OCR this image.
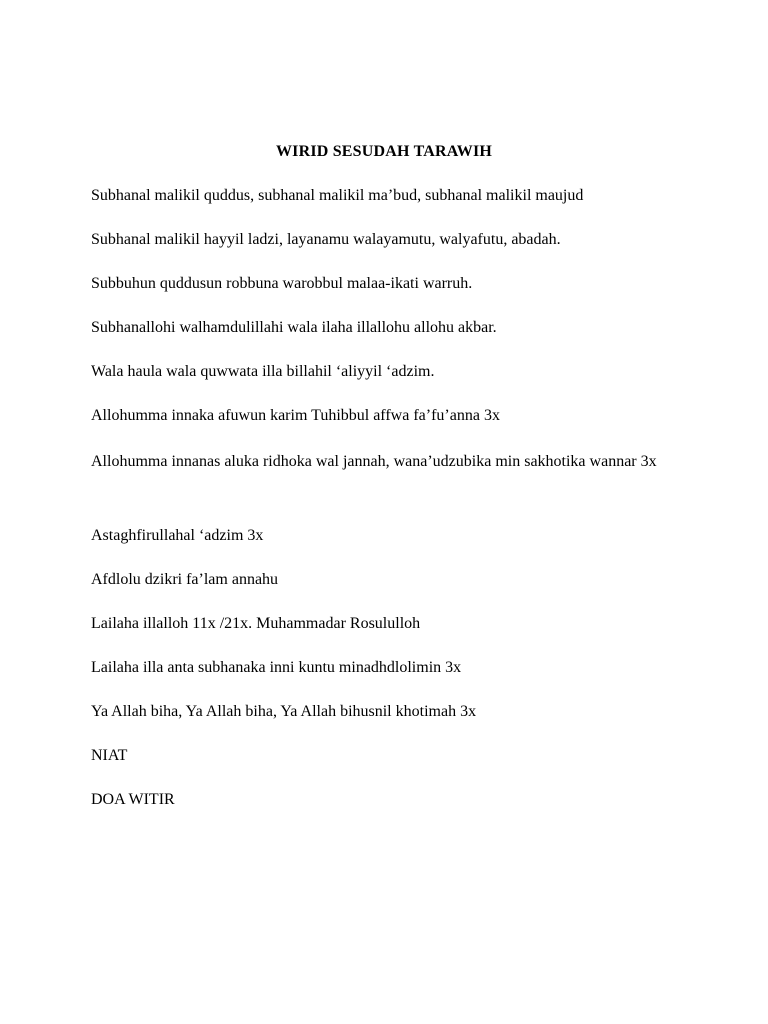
WIRID SESUDAH TARAWIH
Subhanal malikil quddus, subhanal malikil ma’bud, subhanal malikil maujud
Subhanal malikil hayyil ladzi, layanamu walayamutu, walyafutu, abadah.
Subbuhun quddusun robbuna warobbul malaa-ikati warruh.
Subhanallohi walhamdulillahi wala ilaha illallohu allohu akbar.
Wala haula wala quwwata illa billahil ‘aliyyil ‘adzim.
Allohumma innaka afuwun karim Tuhibbul affwa fa’fu’anna 3x
Allohumma innanas aluka ridhoka wal jannah, wana’udzubika min sakhotika wannar 3x
Astaghfirullahal ‘adzim 3x
Afdlolu dzikri fa’lam annahu
Lailaha illalloh 11x /21x. Muhammadar Rosululloh
Lailaha illa anta subhanaka inni kuntu minadhdlolimin 3x
Ya Allah biha, Ya Allah biha, Ya Allah bihusnil khotimah 3x
NIAT
DOA WITIR
